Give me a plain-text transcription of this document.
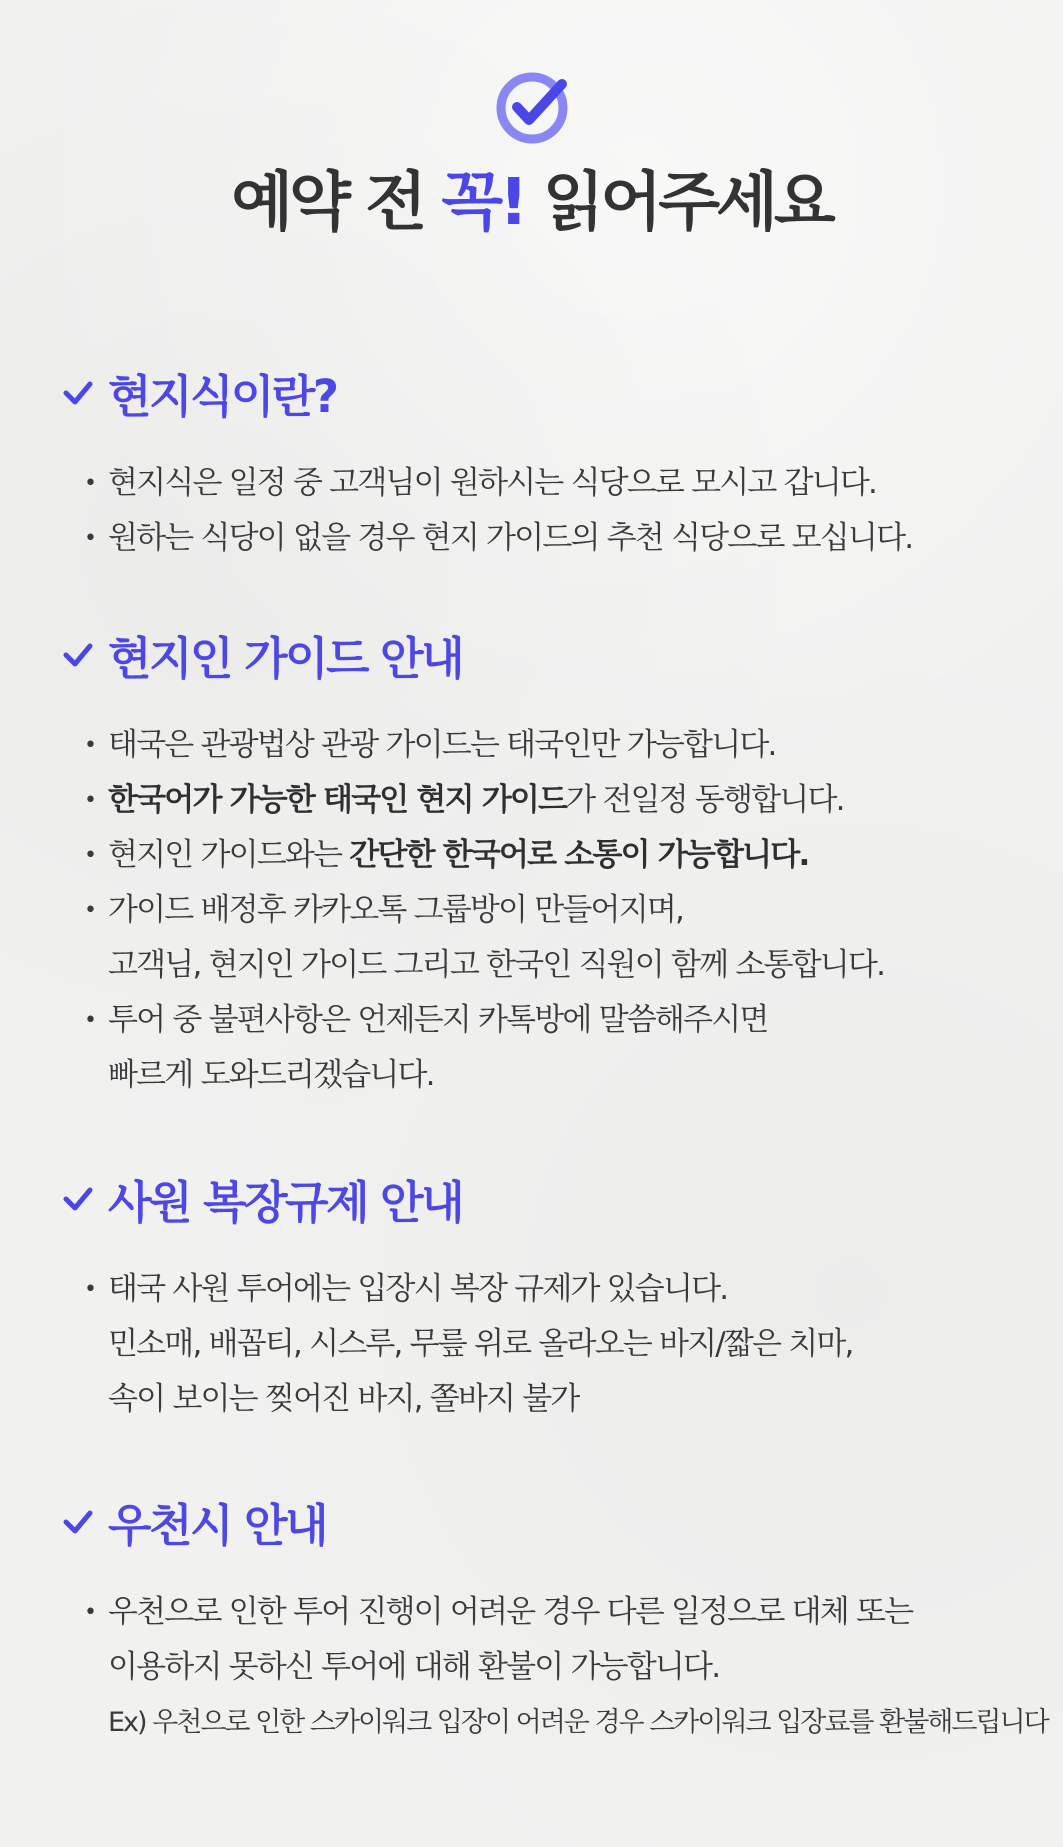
예약 전 꼭! 읽어주세요
현지식이란?
• 현지식은 일정 중 고객님이 원하시는 식당으로 모시고 갑니다.
• 원하는 식당이 없을 경우 현지 가이드의 추천 식당으로 모십니다.
현지인 가이드 안내
• 태국은 관광법상 관광 가이드는 태국인만 가능합니다.
• 한국어가 가능한 태국인 현지 가이드가 전일정 동행합니다.
• 현지인 가이드와는 간단한 한국어로 소통이 가능합니다.
• 가이드 배정후 카카오톡 그룹방이 만들어지며,
고객님, 현지인 가이드 그리고 한국인 직원이 함께 소통합니다.
• 투어 중 불편사항은 언제든지 카톡방에 말씀해주시면
빠르게 도와드리겠습니다.
사원 복장규제 안내
• 태국 사원 투어에는 입장시 복장 규제가 있습니다.
민소매, 배꼽티, 시스루, 무릎 위로 올라오는 바지/짧은 치마,
속이 보이는 찢어진 바지, 쫄바지 불가
우천시 안내
• 우천으로 인한 투어 진행이 어려운 경우 다른 일정으로 대체 또는
이용하지 못하신 투어에 대해 환불이 가능합니다.
Ex) 우천으로 인한 스카이워크 입장이 어려운 경우 스카이워크 입장료를 환불해드립니다
